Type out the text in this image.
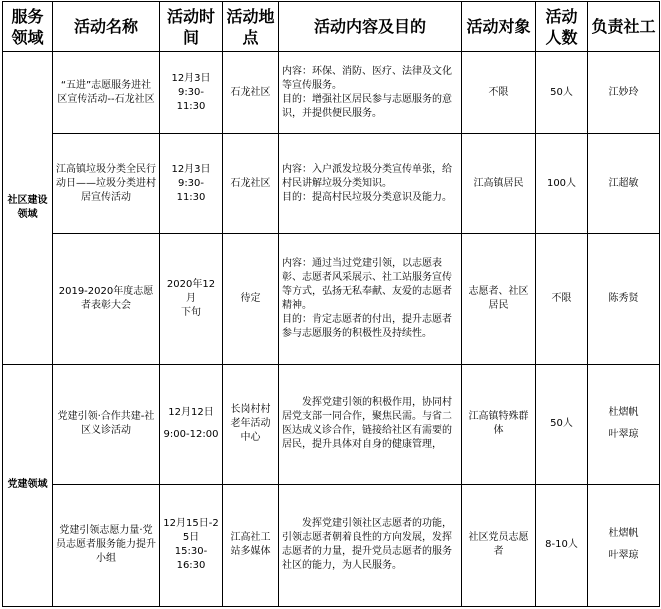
服务领域	活动名称	活动时间	活动地点	活动内容及目的	活动对象	活动人数	负责社工
社区建设领域	“五进”志愿服务进社区宣传活动--石龙社区	12月3日
9:30-
11:30	石龙社区	内容：环保、消防、医疗、法律及文化等宣传服务。
目的：增强社区居民参与志愿服务的意识，并提供便民服务。	不限	50人	江妙玲
	江高镇垃圾分类全民行动日——垃圾分类进村居宣传活动	12月3日
9:30-
11:30	石龙社区	内容：入户派发垃圾分类宣传单张，给村民讲解垃圾分类知识。
目的：提高村民垃圾分类意识及能力。	江高镇居民	100人	江超敏
	2019-2020年度志愿者表彰大会	2020年12月
下旬	待定	内容：通过当过党建引领，以志愿表彰、志愿者风采展示、社工站服务宣传等方式，弘扬无私奉献、友爱的志愿者精神。
目的：肯定志愿者的付出，提升志愿者参与志愿服务的积极性及持续性。	志愿者、社区居民	不限	陈秀贤
党建领域	党建引领·合作共建-社区义诊活动	12月12日
9:00-12:00	长岗村村老年活动中心	发挥党建引领的积极作用，协同村居党支部一同合作，聚焦民需。与省二医达成义诊合作，链接给社区有需要的居民，提升具体对自身的健康管理，	江高镇特殊群体	50人	杜熠帆
叶翠琼

	党建引领志愿力量·党员志愿者服务能力提升小组	12月15日-25日
15:30-
16:30	江高社工站多媒体	发挥党建引领社区志愿者的功能，引领志愿者朝着良性的方向发展，发挥志愿者的力量，提升党员志愿者的服务社区的能力，为人民服务。	社区党员志愿者	8-10人	杜熠帆
叶翠琼
